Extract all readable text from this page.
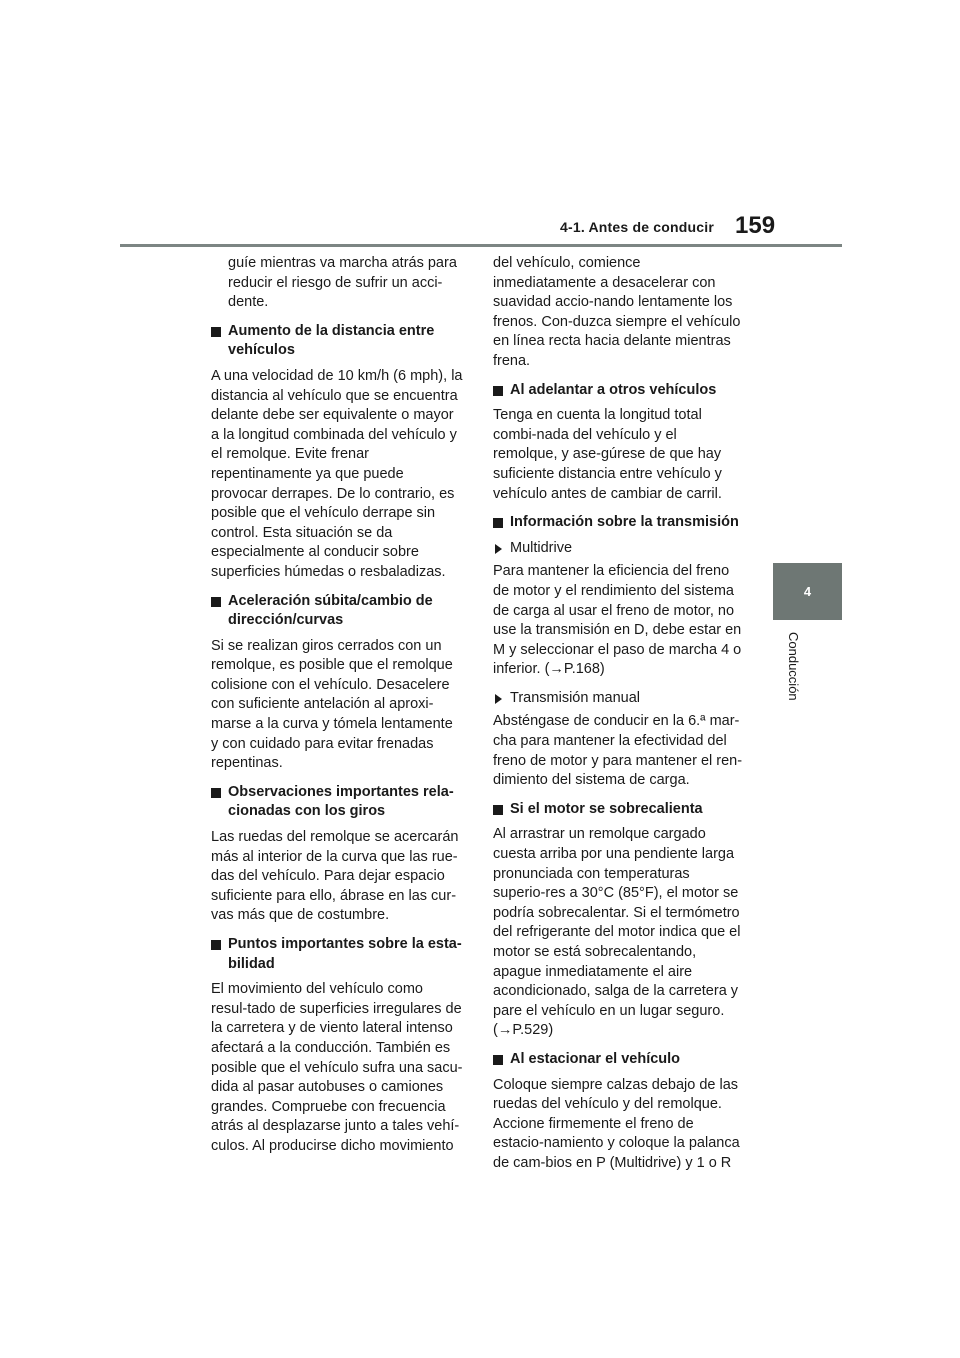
4-1. Antes de conducir 159
4
Conducción

guíe mientras va marcha atrás para reducir el riesgo de sufrir un acci-dente.

Aumento de la distancia entre vehículos

A una velocidad de 10 km/h (6 mph), la distancia al vehículo que se encuentra delante debe ser equivalente o mayor a la longitud combinada del vehículo y el remolque. Evite frenar repentinamente ya que puede provocar derrapes. De lo contrario, es posible que el vehículo derrape sin control. Esta situación se da especialmente al conducir sobre superficies húmedas o resbaladizas.

Aceleración súbita/cambio de dirección/curvas

Si se realizan giros cerrados con un remolque, es posible que el remolque colisione con el vehículo. Desacelere con suficiente antelación al aproxi-marse a la curva y tómela lentamente y con cuidado para evitar frenadas repentinas.

Observaciones importantes rela-cionadas con los giros

Las ruedas del remolque se acercarán más al interior de la curva que las rue-das del vehículo. Para dejar espacio suficiente para ello, ábrase en las cur-vas más que de costumbre.

Puntos importantes sobre la esta-bilidad

El movimiento del vehículo como resul-tado de superficies irregulares de la carretera y de viento lateral intenso afectará a la conducción. También es posible que el vehículo sufra una sacu-dida al pasar autobuses o camiones grandes. Compruebe con frecuencia atrás al desplazarse junto a tales vehí-culos. Al producirse dicho movimiento

del vehículo, comience inmediatamente a desacelerar con suavidad accio-nando lentamente los frenos. Con-duzca siempre el vehículo en línea recta hacia delante mientras frena.

Al adelantar a otros vehículos

Tenga en cuenta la longitud total combi-nada del vehículo y el remolque, y ase-gúrese de que hay suficiente distancia entre vehículo y vehículo antes de cambiar de carril.

Información sobre la transmisión
Multidrive

Para mantener la eficiencia del freno de motor y el rendimiento del sistema de carga al usar el freno de motor, no use la transmisión en D, debe estar en M y seleccionar el paso de marcha 4 o inferior. (→P.168)

Transmisión manual

Absténgase de conducir en la 6.ª mar-cha para mantener la efectividad del freno de motor y para mantener el ren-dimiento del sistema de carga.

Si el motor se sobrecalienta

Al arrastrar un remolque cargado cuesta arriba por una pendiente larga pronunciada con temperaturas superio-res a 30°C (85°F), el motor se podría sobrecalentar. Si el termómetro del refrigerante del motor indica que el motor se está sobrecalentando, apague inmediatamente el aire acondicionado, salga de la carretera y pare el vehículo en un lugar seguro. (→P.529)

Al estacionar el vehículo

Coloque siempre calzas debajo de las ruedas del vehículo y del remolque. Accione firmemente el freno de estacio-namiento y coloque la palanca de cam-bios en P (Multidrive) y 1 o R
